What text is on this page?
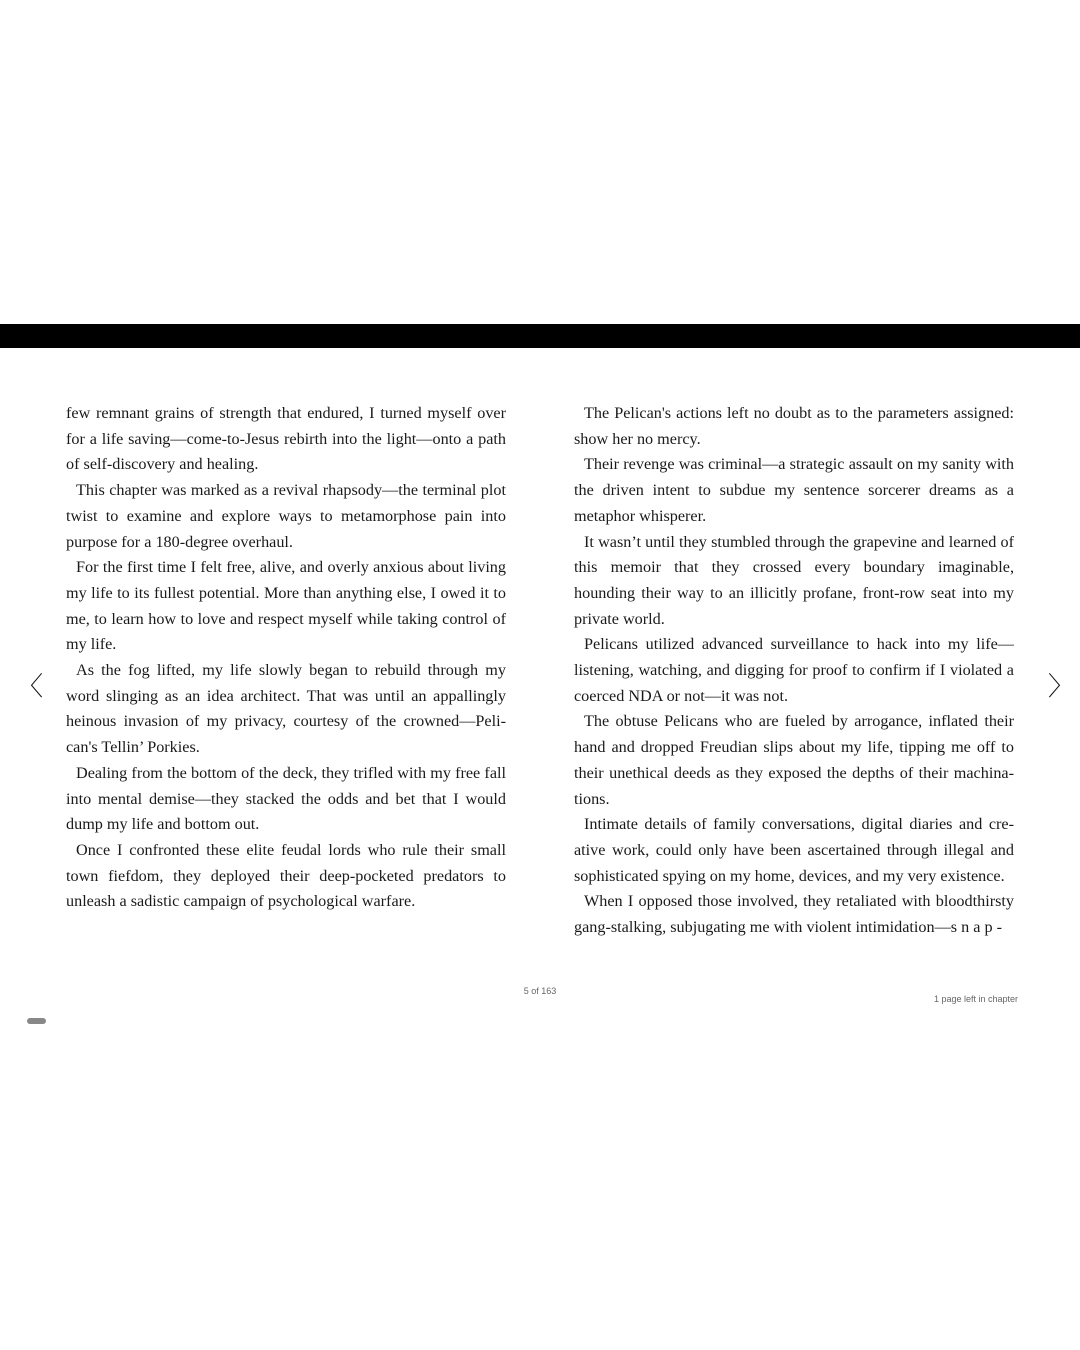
〈	〉

few remnant grains of strength that endured, I turned myself over for a life saving—come-to-Jesus rebirth into the light—onto a path of self-discovery and healing.

This chapter was marked as a revival rhapsody—the terminal plot twist to examine and explore ways to metamorphose pain into purpose for a 180-degree overhaul.

For the first time I felt free, alive, and overly anxious about living my life to its fullest potential. More than anything else, I owed it to me, to learn how to love and respect myself while taking control of my life.

As the fog lifted, my life slowly began to rebuild through my word slinging as an idea architect. That was until an appallingly heinous invasion of my privacy, courtesy of the crowned—Peli-can's Tellin’ Porkies.

Dealing from the bottom of the deck, they trifled with my free fall into mental demise—they stacked the odds and bet that I would dump my life and bottom out.

Once I confronted these elite feudal lords who rule their small town fiefdom, they deployed their deep-pocketed predators to unleash a sadistic campaign of psychological warfare.

The Pelican's actions left no doubt as to the parameters assigned: show her no mercy.

Their revenge was criminal—a strategic assault on my sanity with the driven intent to subdue my sentence sorcerer dreams as a metaphor whisperer.

It wasn’t until they stumbled through the grapevine and learned of this memoir that they crossed every boundary imaginable, hounding their way to an illicitly profane, front-row seat into my private world.

Pelicans utilized advanced surveillance to hack into my life—listening, watching, and digging for proof to confirm if I violated a coerced NDA or not—it was not.

The obtuse Pelicans who are fueled by arrogance, inflated their hand and dropped Freudian slips about my life, tipping me off to their unethical deeds as they exposed the depths of their machina-tions.

Intimate details of family conversations, digital diaries and cre-ative work, could only have been ascertained through illegal and sophisticated spying on my home, devices, and my very existence.

When I opposed those involved, they retaliated with bloodthirsty gang-stalking, subjugating me with violent intimidation—s n a p -

5 of 163
1 page left in chapter
